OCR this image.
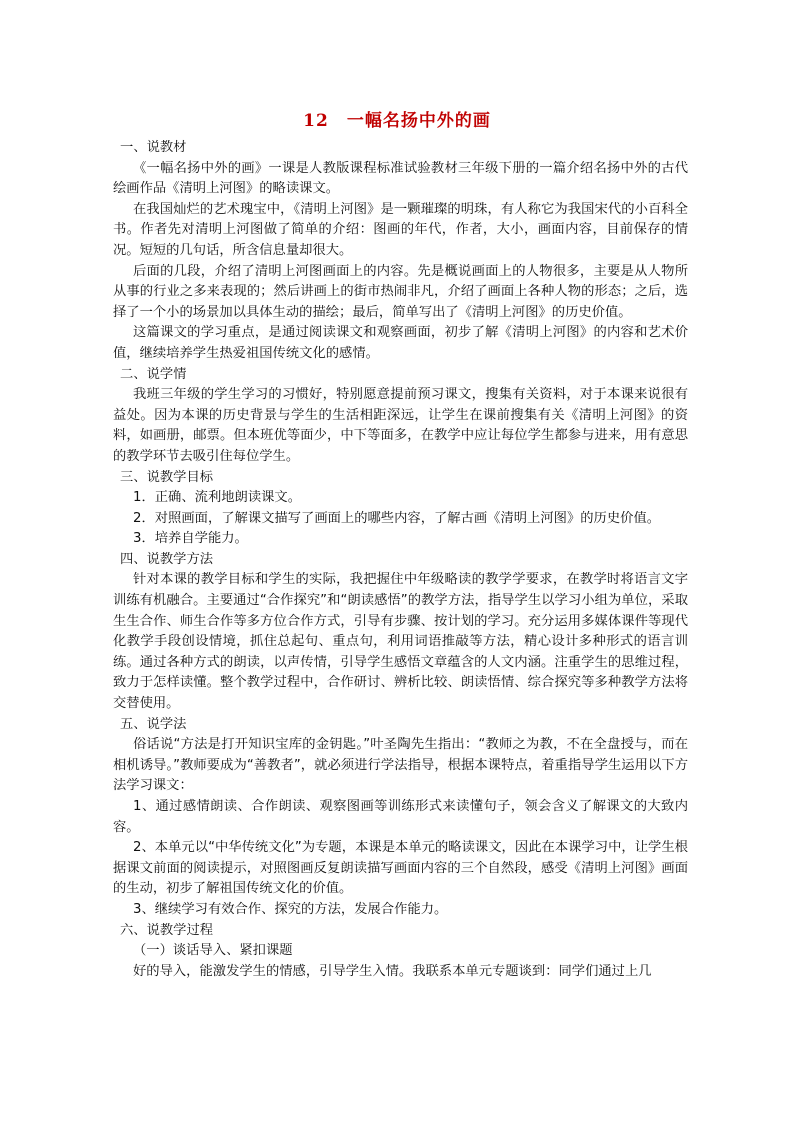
12　一幅名扬中外的画

一、说教材

《一幅名扬中外的画》一课是人教版课程标准试验教材三年级下册的一篇介绍名扬中外的古代绘画作品《清明上河图》的略读课文。

在我国灿烂的艺术瑰宝中，《清明上河图》是一颗璀璨的明珠，有人称它为我国宋代的小百科全书。作者先对清明上河图做了简单的介绍：图画的年代，作者，大小，画面内容，目前保存的情况。短短的几句话，所含信息量却很大。

后面的几段，介绍了清明上河图画面上的内容。先是概说画面上的人物很多，主要是从人物所从事的行业之多来表现的；然后讲画上的街市热闹非凡，介绍了画面上各种人物的形态；之后，选择了一个小的场景加以具体生动的描绘；最后，简单写出了《清明上河图》的历史价值。

这篇课文的学习重点，是通过阅读课文和观察画面，初步了解《清明上河图》的内容和艺术价值，继续培养学生热爱祖国传统文化的感情。

二、说学情

我班三年级的学生学习的习惯好，特别愿意提前预习课文，搜集有关资料，对于本课来说很有益处。因为本课的历史背景与学生的生活相距深远，让学生在课前搜集有关《清明上河图》的资料，如画册，邮票。但本班优等面少，中下等面多，在教学中应让每位学生都参与进来，用有意思的教学环节去吸引住每位学生。

三、说教学目标

1．正确、流利地朗读课文。

2．对照画面，了解课文描写了画面上的哪些内容，了解古画《清明上河图》的历史价值。

3．培养自学能力。

四、说教学方法

针对本课的教学目标和学生的实际，我把握住中年级略读的教学学要求，在教学时将语言文字训练有机融合。主要通过“合作探究”和“朗读感悟”的教学方法，指导学生以学习小组为单位，采取生生合作、师生合作等多方位合作方式，引导有步骤、按计划的学习。充分运用多媒体课件等现代化教学手段创设情境，抓住总起句、重点句，利用词语推敲等方法，精心设计多种形式的语言训练。通过各种方式的朗读，以声传情，引导学生感悟文章蕴含的人文内涵。注重学生的思维过程，致力于怎样读懂。整个教学过程中，合作研讨、辨析比较、朗读悟情、综合探究等多种教学方法将交替使用。

五、说学法

俗话说“方法是打开知识宝库的金钥匙。”叶圣陶先生指出：“教师之为教，不在全盘授与，而在相机诱导。”教师要成为“善教者”，就必须进行学法指导，根据本课特点，着重指导学生运用以下方法学习课文：

1、通过感情朗读、合作朗读、观察图画等训练形式来读懂句子，领会含义了解课文的大致内容。

2、本单元以“中华传统文化”为专题，本课是本单元的略读课文，因此在本课学习中，让学生根据课文前面的阅读提示，对照图画反复朗读描写画面内容的三个自然段，感受《清明上河图》画面的生动，初步了解祖国传统文化的价值。

3、继续学习有效合作、探究的方法，发展合作能力。

六、说教学过程

（一）谈话导入、紧扣课题

好的导入，能激发学生的情感，引导学生入情。我联系本单元专题谈到：同学们通过上几
